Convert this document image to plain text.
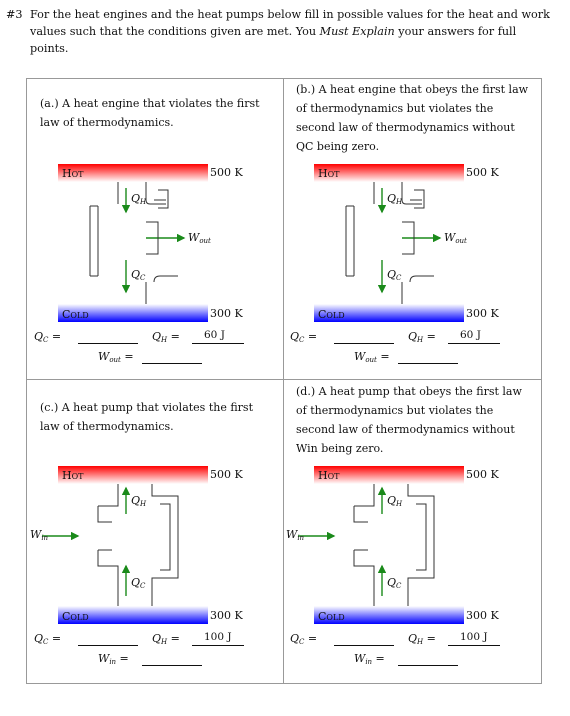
#3 For the heat engines and the heat pumps below fill in possible values for the heat and work values such that the conditions given are met. You Must Explain your answers for full points.
(a.) A heat engine that violates the first law of thermodynamics.
Hot	500 K
Cold	300 K
$Q_H$
$Q_C$
$W_{out}$
$Q_C$ =	$Q_H = 60$ J
$W_{out}$ =
(b.) A heat engine that obeys the first law of thermodynamics but violates the second law of thermodynamics without QC being zero.
Hot	500 K
Cold	300 K
$Q_H$
$Q_C$
$W_{out}$
$Q_C$ =	$Q_H = 60$ J
$W_{out}$ =
(c.) A heat pump that violates the first law of thermodynamics.
Hot	500 K
Cold	300 K
$Q_H$
$Q_C$
$W_{in}$
$Q_C$ =	$Q_H = 100$ J
$W_{in}$ =
(d.) A heat pump that obeys the first law of thermodynamics but violates the second law of thermodynamics without Win being zero.
Hot	500 K
Cold	300 K
$Q_H$
$Q_C$
$W_{in}$
$Q_C$ =	$Q_H = 100$ J
$W_{in}$ =
